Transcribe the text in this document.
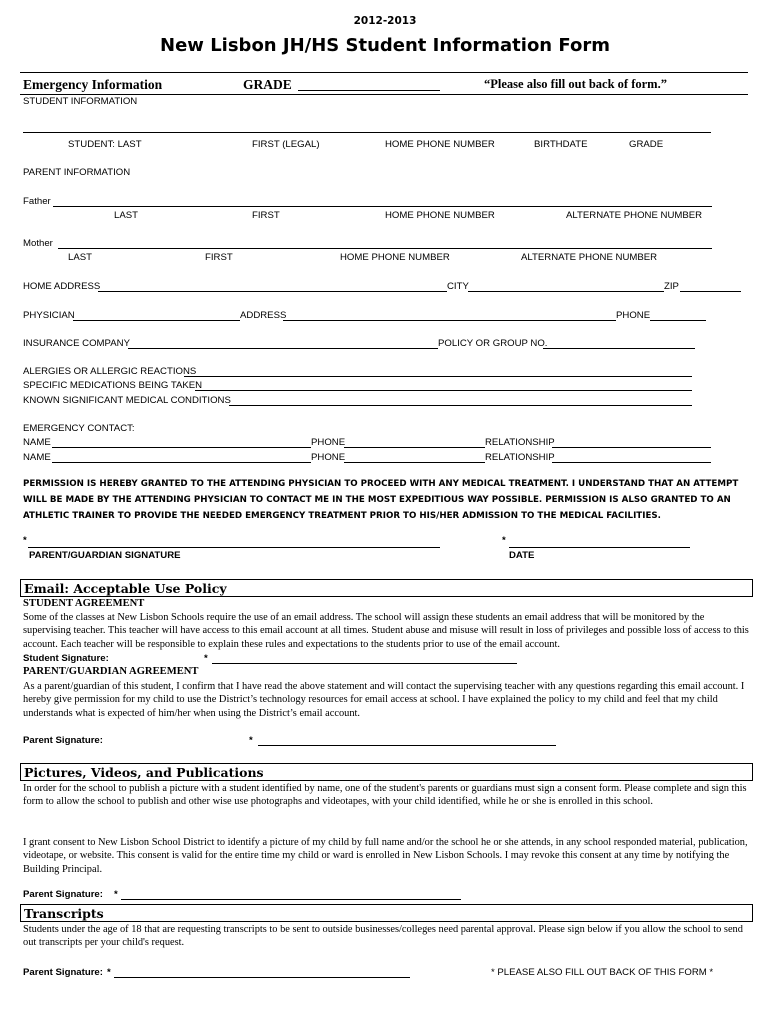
2012-2013
New Lisbon JH/HS Student Information Form
Emergency Information	GRADE	“Please also fill out back of form.”
STUDENT INFORMATION
STUDENT: LAST	FIRST (LEGAL)	HOME PHONE NUMBER	BIRTHDATE	GRADE
PARENT INFORMATION
Father
LAST	FIRST	HOME PHONE NUMBER	ALTERNATE PHONE NUMBER
Mother
LAST	FIRST	HOME PHONE NUMBER	ALTERNATE PHONE NUMBER
HOME ADDRESS	CITY	ZIP
PHYSICIAN	ADDRESS	PHONE
INSURANCE COMPANY	POLICY OR GROUP NO.
ALERGIES OR ALLERGIC REACTIONS
SPECIFIC MEDICATIONS BEING TAKEN
KNOWN SIGNIFICANT MEDICAL CONDITIONS
EMERGENCY CONTACT:
NAME	PHONE	RELATIONSHIP
NAME	PHONE	RELATIONSHIP
PERMISSION IS HEREBY GRANTED TO THE ATTENDING PHYSICIAN TO PROCEED WITH ANY MEDICAL TREATMENT. I UNDERSTAND THAT AN ATTEMPT WILL BE MADE BY THE ATTENDING PHYSICIAN TO CONTACT ME IN THE MOST EXPEDITIOUS WAY POSSIBLE. PERMISSION IS ALSO GRANTED TO AN ATHLETIC TRAINER TO PROVIDE THE NEEDED EMERGENCY TREATMENT PRIOR TO HIS/HER ADMISSION TO THE MEDICAL FACILITIES.
*	*
PARENT/GUARDIAN SIGNATURE	DATE
Email: Acceptable Use Policy
STUDENT AGREEMENT
Some of the classes at New Lisbon Schools require the use of an email address. The school will assign these students an email address that will be monitored by the supervising teacher. This teacher will have access to this email account at all times. Student abuse and misuse will result in loss of privileges and possible loss of access to this account. Each teacher will be responsible to explain these rules and expectations to the students prior to use of the email account.
Student Signature:	*
PARENT/GUARDIAN AGREEMENT
As a parent/guardian of this student, I confirm that I have read the above statement and will contact the supervising teacher with any questions regarding this email account. I hereby give permission for my child to use the District’s technology resources for email access at school. I have explained the policy to my child and feel that my child understands what is expected of him/her when using the District’s email account.
Parent Signature:	*
Pictures, Videos, and Publications
In order for the school to publish a picture with a student identified by name, one of the student's parents or guardians must sign a consent form. Please complete and sign this form to allow the school to publish and other wise use photographs and videotapes, with your child identified, while he or she is enrolled in this school.
I grant consent to New Lisbon School District to identify a picture of my child by full name and/or the school he or she attends, in any school responded material, publication, videotape, or website. This consent is valid for the entire time my child or ward is enrolled in New Lisbon Schools. I may revoke this consent at any time by notifying the Building Principal.
Parent Signature: *
Transcripts
Students under the age of 18 that are requesting transcripts to be sent to outside businesses/colleges need parental approval. Please sign below if you allow the school to send out transcripts per your child's request.
Parent Signature: *	* PLEASE ALSO FILL OUT BACK OF THIS FORM *
